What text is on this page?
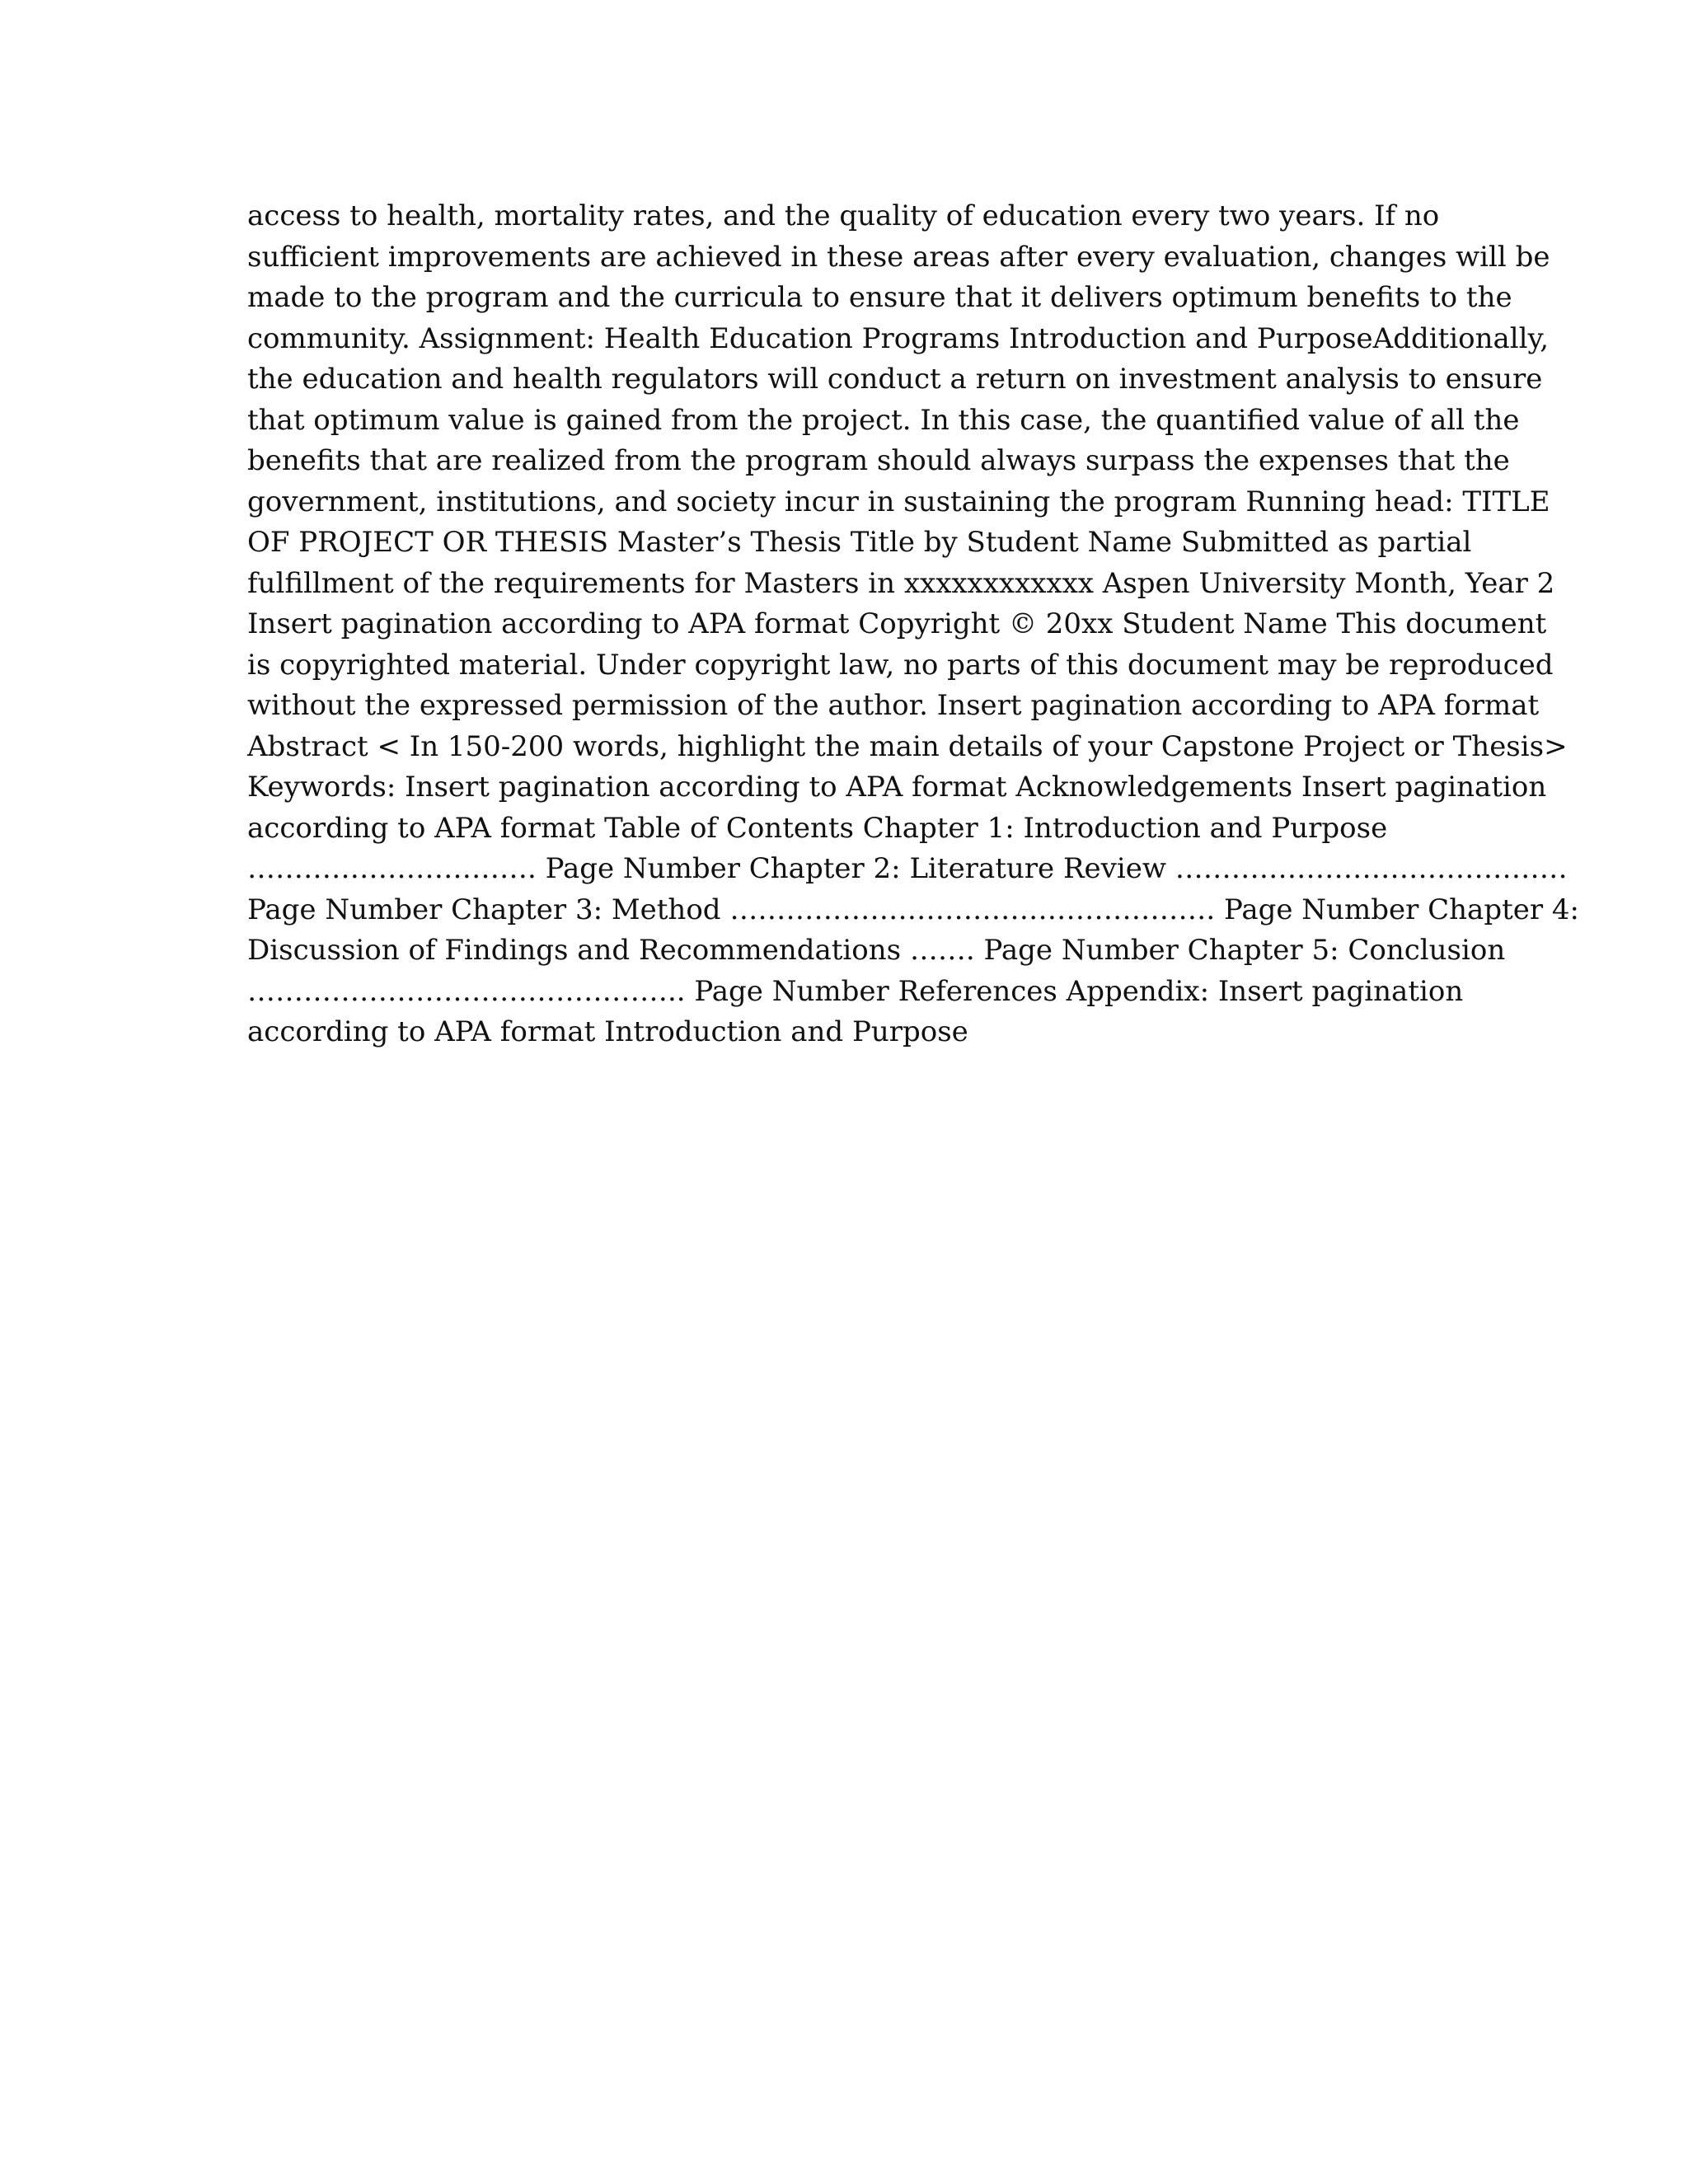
access to health, mortality rates, and the quality of education every two years. If no
sufficient improvements are achieved in these areas after every evaluation, changes will be
made to the program and the curricula to ensure that it delivers optimum benefits to the
community. Assignment: Health Education Programs Introduction and PurposeAdditionally,
the education and health regulators will conduct a return on investment analysis to ensure
that optimum value is gained from the project. In this case, the quantified value of all the
benefits that are realized from the program should always surpass the expenses that the
government, institutions, and society incur in sustaining the program Running head: TITLE
OF PROJECT OR THESIS Master’s Thesis Title by Student Name Submitted as partial
fulfillment of the requirements for Masters in xxxxxxxxxxxx Aspen University Month, Year 2
Insert pagination according to APA format Copyright © 20xx Student Name This document
is copyrighted material. Under copyright law, no parts of this document may be reproduced
without the expressed permission of the author. Insert pagination according to APA format
Abstract < In 150-200 words, highlight the main details of your Capstone Project or Thesis>
Keywords: Insert pagination according to APA format Acknowledgements Insert pagination
according to APA format Table of Contents Chapter 1: Introduction and Purpose
…………………………. Page Number Chapter 2: Literature Review ……………………………………
Page Number Chapter 3: Method ……………………………………………. Page Number Chapter 4:
Discussion of Findings and Recommendations ……. Page Number Chapter 5: Conclusion
……………………………………….. Page Number References Appendix: Insert pagination
according to APA format Introduction and Purpose
